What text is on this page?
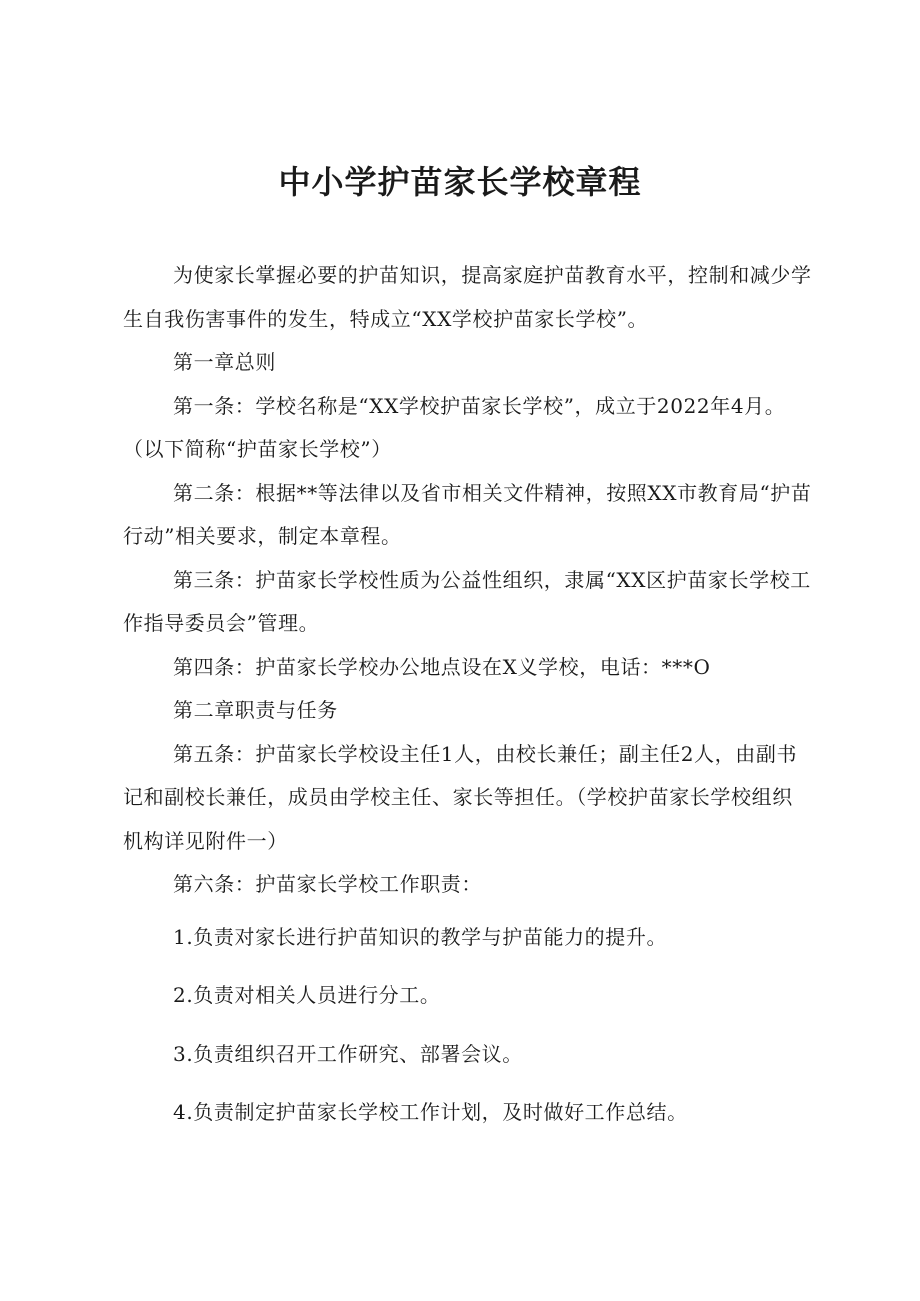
中小学护苗家长学校章程

为使家长掌握必要的护苗知识，提高家庭护苗教育水平，控制和减少学生自我伤害事件的发生，特成立“XX学校护苗家长学校”。

第一章总则

第一条：学校名称是“XX学校护苗家长学校”，成立于2022年4月。（以下简称“护苗家长学校”）

第二条：根据**等法律以及省市相关文件精神，按照XX市教育局“护苗行动”相关要求，制定本章程。

第三条：护苗家长学校性质为公益性组织，隶属“XX区护苗家长学校工作指导委员会”管理。

第四条：护苗家长学校办公地点设在X义学校，电话：***O

第二章职责与任务

第五条：护苗家长学校设主任1人，由校长兼任；副主任2人，由副书记和副校长兼任，成员由学校主任、家长等担任。（学校护苗家长学校组织机构详见附件一）

第六条：护苗家长学校工作职责：

1.负责对家长进行护苗知识的教学与护苗能力的提升。

2.负责对相关人员进行分工。

3.负责组织召开工作研究、部署会议。

4.负责制定护苗家长学校工作计划，及时做好工作总结。
